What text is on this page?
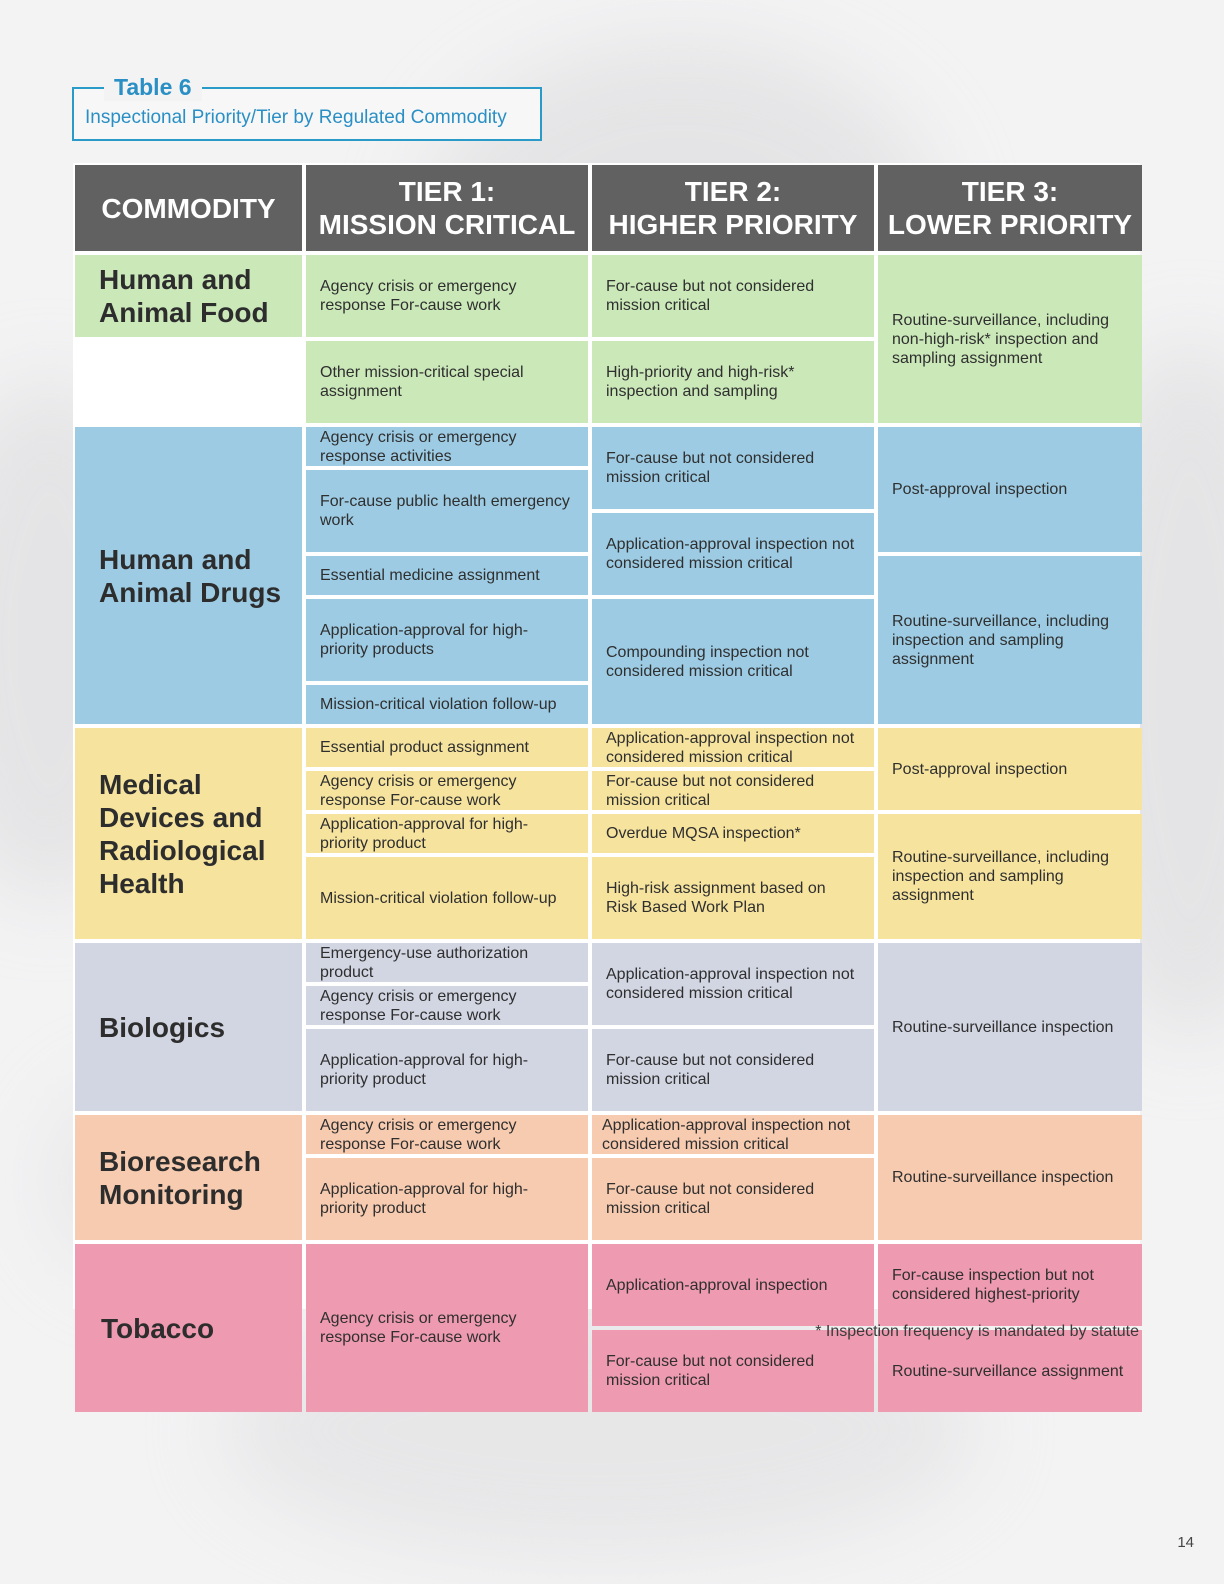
Table 6
Inspectional Priority/Tier by Regulated Commodity
COMMODITY
TIER 1:
MISSION CRITICAL
TIER 2:
HIGHER PRIORITY
TIER 3:
LOWER PRIORITY
Human and Animal Food
Agency crisis or emergency response For-cause work
Other mission-critical special assignment
For-cause but not considered mission critical
High-priority and high-risk* inspection and sampling
Routine-surveillance, including non-high-risk* inspection and sampling assignment
Human and Animal Drugs
Agency crisis or emergency response activities
For-cause public health emergency work
Essential medicine assignment
Application-approval for high-priority products
Mission-critical violation follow-up
For-cause but not considered mission critical
Application-approval inspection not considered mission critical
Compounding inspection not considered mission critical
Post-approval inspection
Routine-surveillance, including inspection and sampling assignment
Medical Devices and Radiological Health
Essential product assignment
Agency crisis or emergency response For-cause work
Application-approval for high-priority product
Mission-critical violation follow-up
Application-approval inspection not considered mission critical
For-cause but not considered mission critical
Overdue MQSA inspection*
High-risk assignment based on Risk Based Work Plan
Post-approval inspection
Routine-surveillance, including inspection and sampling assignment
Biologics
Emergency-use authorization product
Agency crisis or emergency response For-cause work
Application-approval for high-priority product
Application-approval inspection not considered mission critical
For-cause but not considered mission critical
Routine-surveillance inspection
Bioresearch Monitoring
Agency crisis or emergency response For-cause work
Application-approval for high-priority product
Application-approval inspection not considered mission critical
For-cause but not considered mission critical
Routine-surveillance inspection
Tobacco	Agency crisis or emergency response For-cause work
Application-approval inspection
For-cause but not considered mission critical
For-cause inspection but not considered highest-priority
Routine-surveillance assignment
* Inspection frequency is mandated by statute
14
